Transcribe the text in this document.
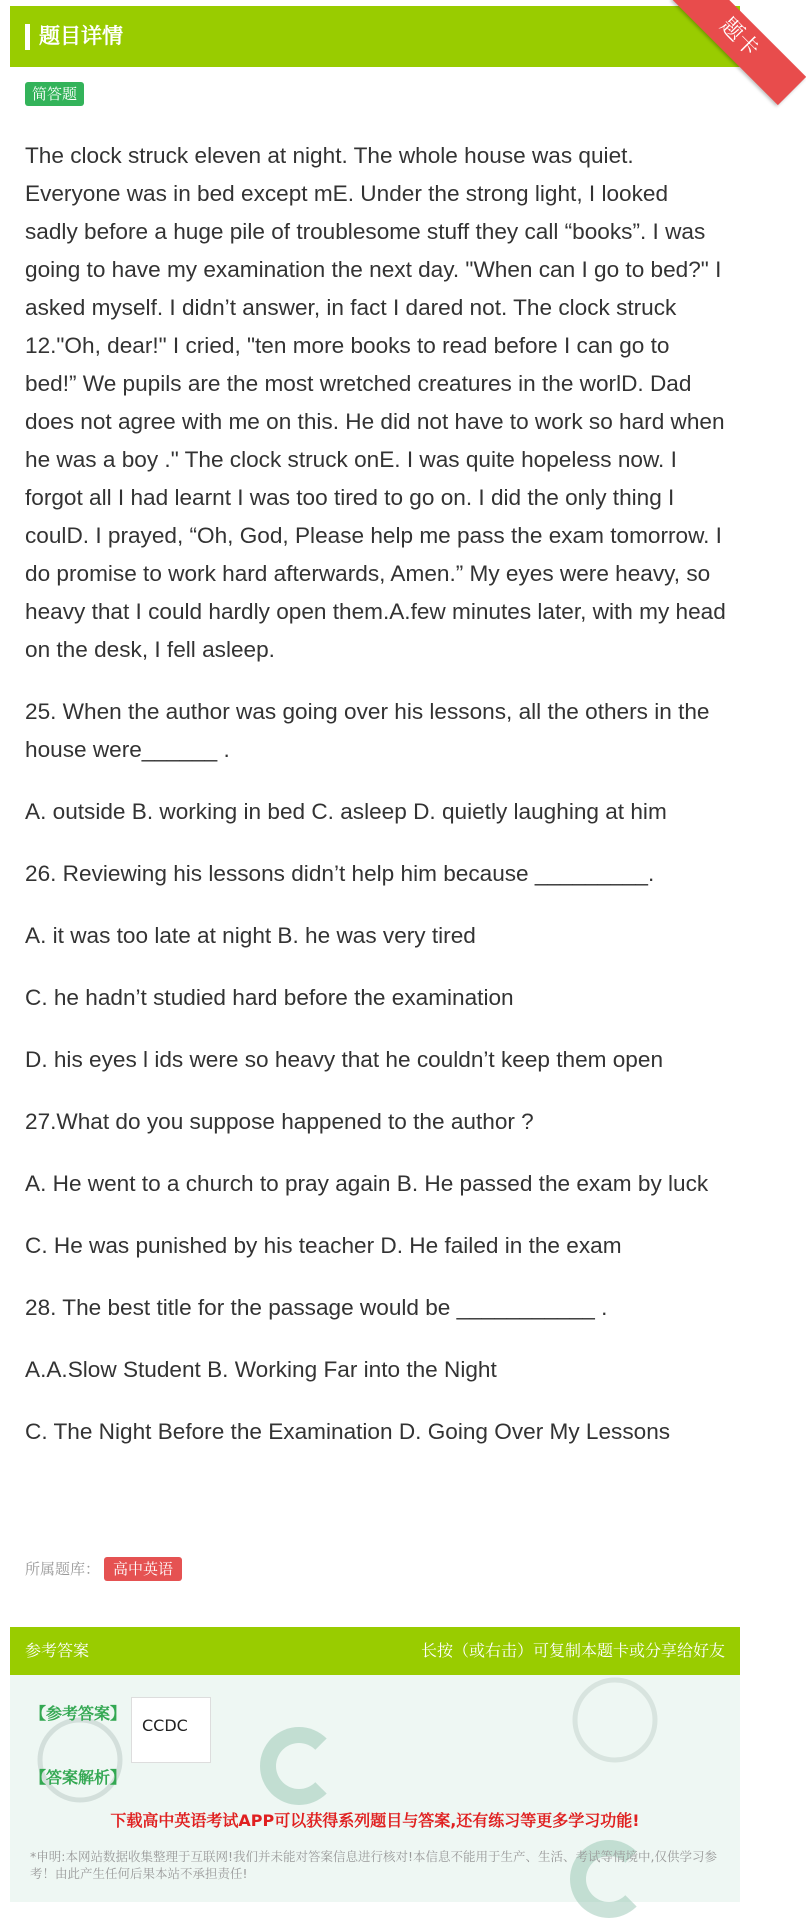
题目详情	题卡
简答题

The clock struck eleven at night. The whole house was quiet. Everyone was in bed except mE. Under the strong light, I looked sadly before a huge pile of troublesome stuff they call “books”. I was going to have my examination the next day. "When can I go to bed?" I asked myself. I didn’t answer, in fact I dared not. The clock struck 12."Oh, dear!" I cried, "ten more books to read before I can go to bed!” We pupils are the most wretched creatures in the worlD. Dad does not agree with me on this. He did not have to work so hard when he was a boy ." The clock struck onE. I was quite hopeless now. I forgot all I had learnt I was too tired to go on. I did the only thing I coulD. I prayed, “Oh, God, Please help me pass the exam tomorrow. I do promise to work hard afterwards, Amen.” My eyes were heavy, so heavy that I could hardly open them.A.few minutes later, with my head on the desk, I fell asleep.

25. When the author was going over his lessons, all the others in the house were______ .

A. outside B. working in bed C. asleep D. quietly laughing at him

26. Reviewing his lessons didn’t help him because _________.

A. it was too late at night B. he was very tired

C. he hadn’t studied hard before the examination

D. his eyes l ids were so heavy that he couldn’t keep them open

27.What do you suppose happened to the author ?

A. He went to a church to pray again B. He passed the exam by luck

C. He was punished by his teacher D. He failed in the exam

28. The best title for the passage would be ___________ .

A.A.Slow Student B. Working Far into the Night

C. The Night Before the Examination D. Going Over My Lessons

所属题库： 高中英语
参考答案	长按（或右击）可复制本题卡或分享给好友
【参考答案】
CCDC
【答案解析】
下载高中英语考试APP可以获得系列题目与答案,还有练习等更多学习功能!
*申明:本网站数据收集整理于互联网!我们并未能对答案信息进行核对!本信息不能用于生产、生活、考试等情境中,仅供学习参考！由此产生任何后果本站不承担责任!
